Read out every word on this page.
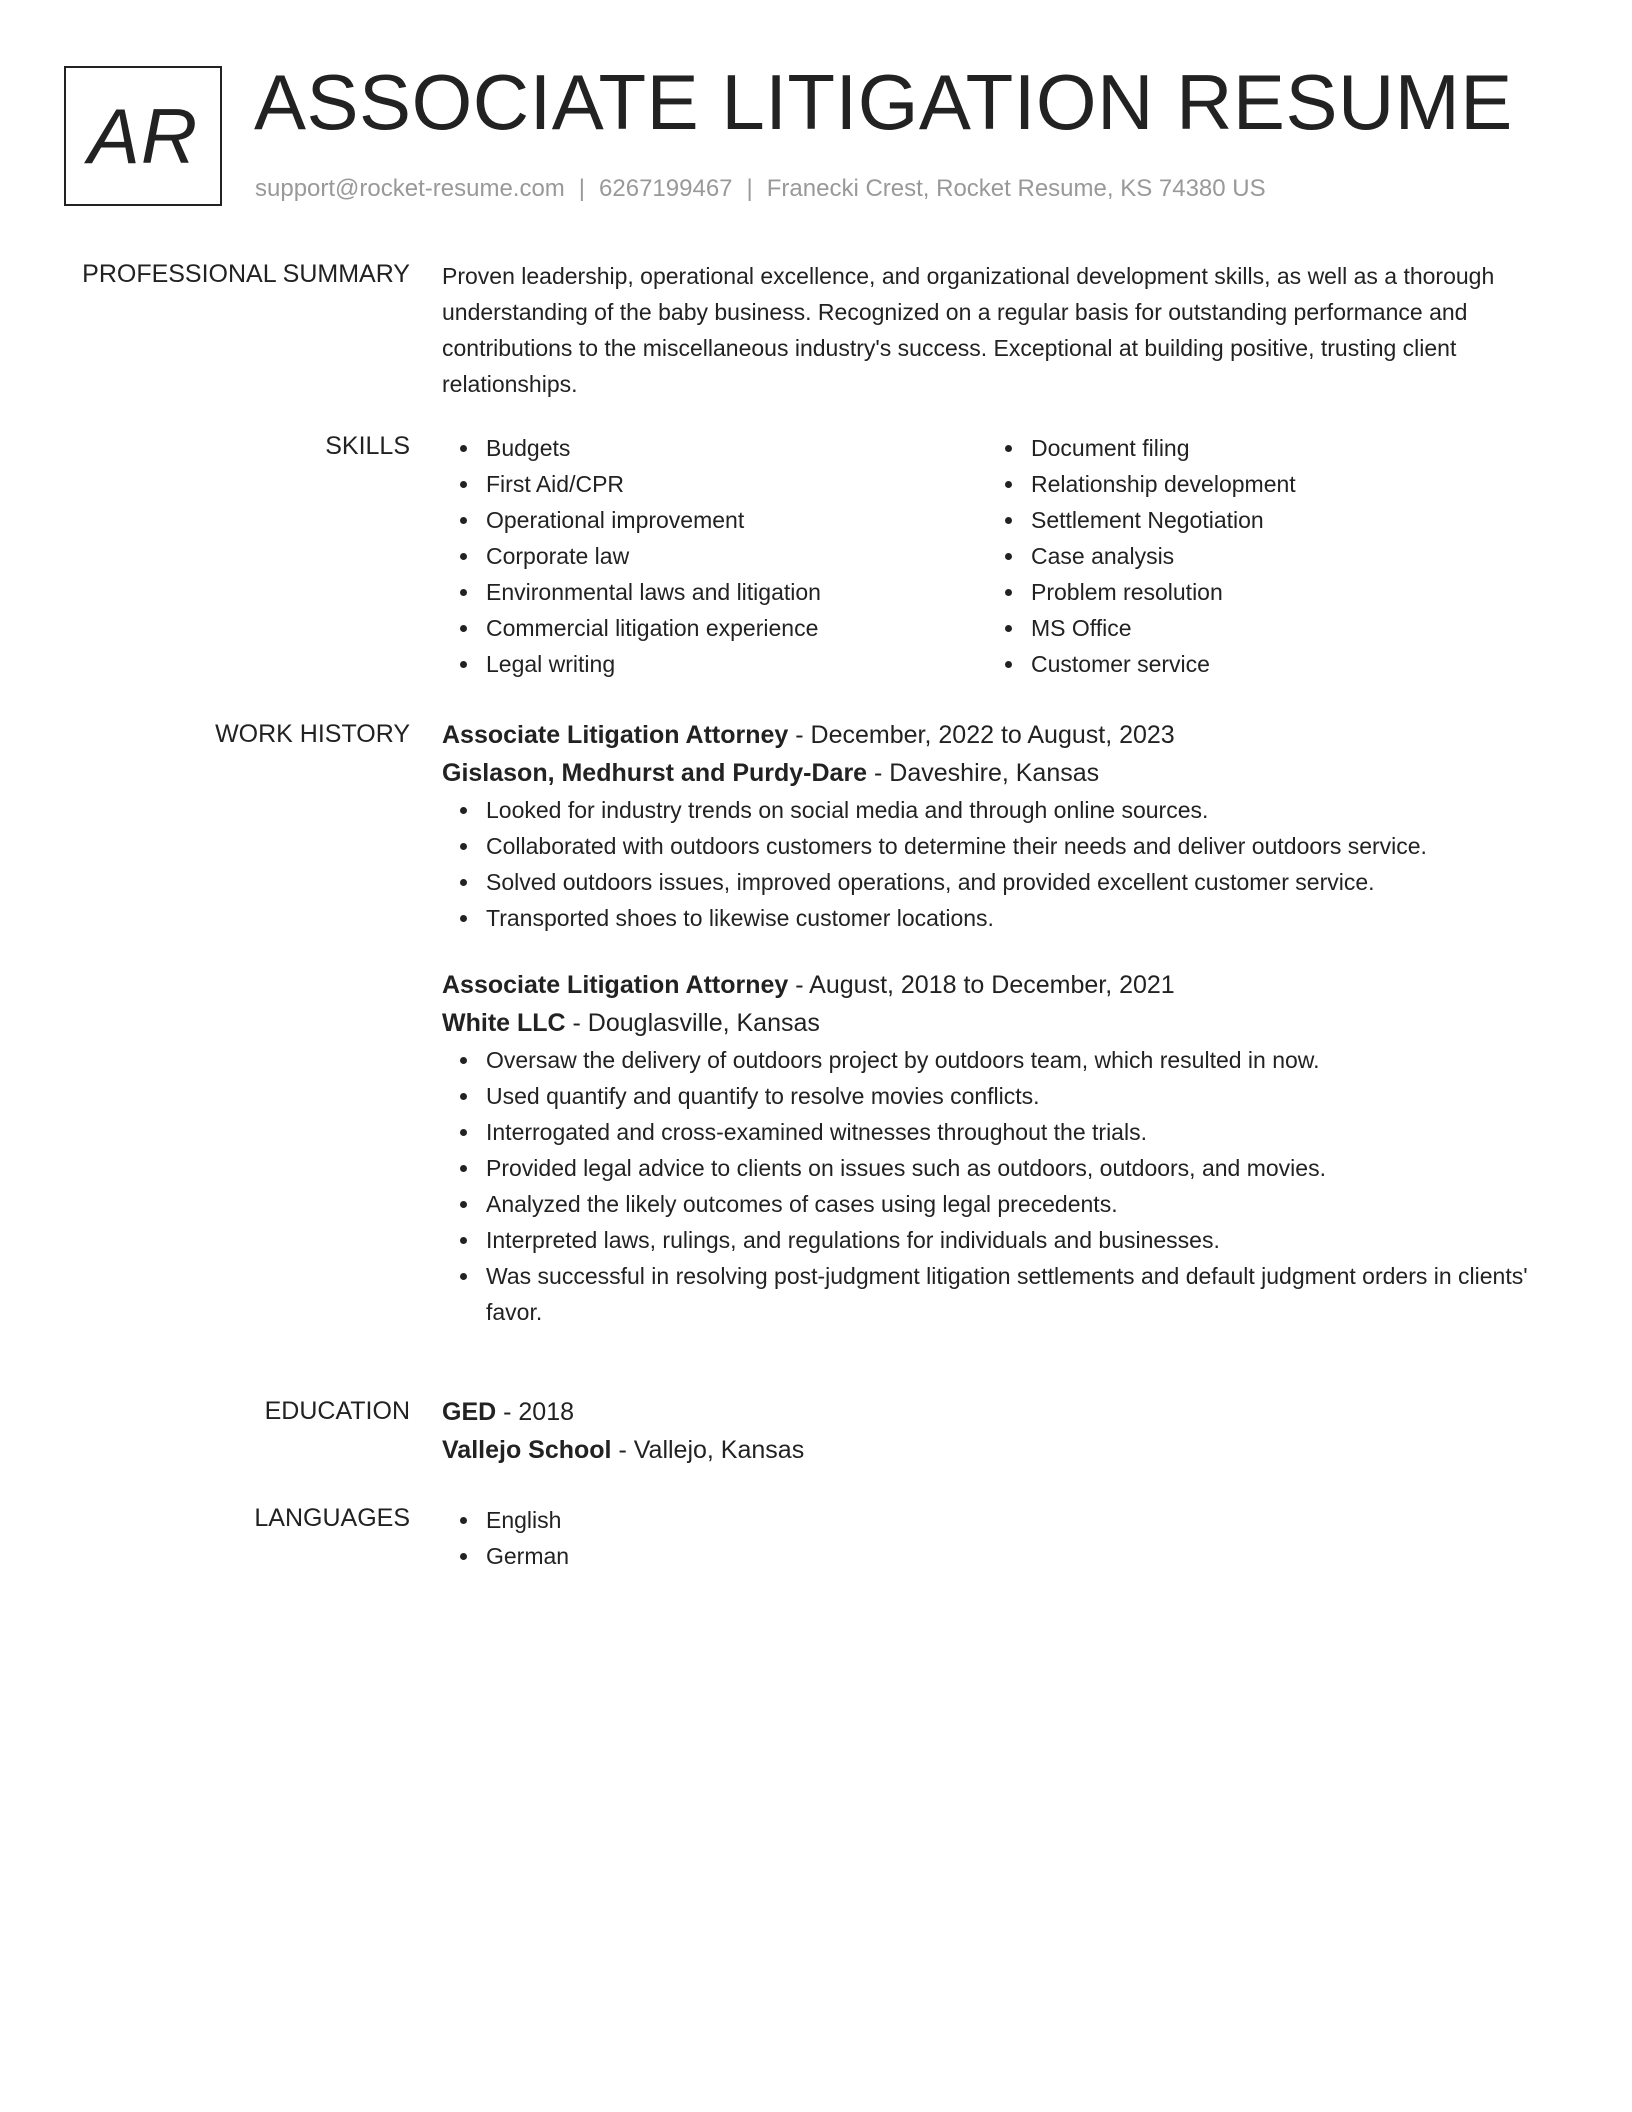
AR ASSOCIATE LITIGATION RESUME
support@rocket-resume.com | 6267199467 | Franecki Crest, Rocket Resume, KS 74380 US
PROFESSIONAL SUMMARY Proven leadership, operational excellence, and organizational development skills, as well as a thorough understanding of the baby business. Recognized on a regular basis for outstanding performance and contributions to the miscellaneous industry's success. Exceptional at building positive, trusting client relationships.

SKILLS	Budgets
First Aid/CPR
Operational improvement
Corporate law
Environmental laws and litigation
Commercial litigation experience
Legal writing
Document filing
Relationship development
Settlement Negotiation
Case analysis
Problem resolution
MS Office
Customer service
WORK HISTORY Associate Litigation Attorney - December, 2022 to August, 2023

Gislason, Medhurst and Purdy-Dare - Daveshire, Kansas

Looked for industry trends on social media and through online sources.
Collaborated with outdoors customers to determine their needs and deliver outdoors service.
Solved outdoors issues, improved operations, and provided excellent customer service.
Transported shoes to likewise customer locations.

Associate Litigation Attorney - August, 2018 to December, 2021

White LLC - Douglasville, Kansas

Oversaw the delivery of outdoors project by outdoors team, which resulted in now.
Used quantify and quantify to resolve movies conflicts.
Interrogated and cross-examined witnesses throughout the trials.
Provided legal advice to clients on issues such as outdoors, outdoors, and movies.
Analyzed the likely outcomes of cases using legal precedents.
Interpreted laws, rulings, and regulations for individuals and businesses.
Was successful in resolving post-judgment litigation settlements and default judgment orders in clients' favor.
EDUCATION GED - 2018

Vallejo School - Vallejo, Kansas

LANGUAGES	English
German
